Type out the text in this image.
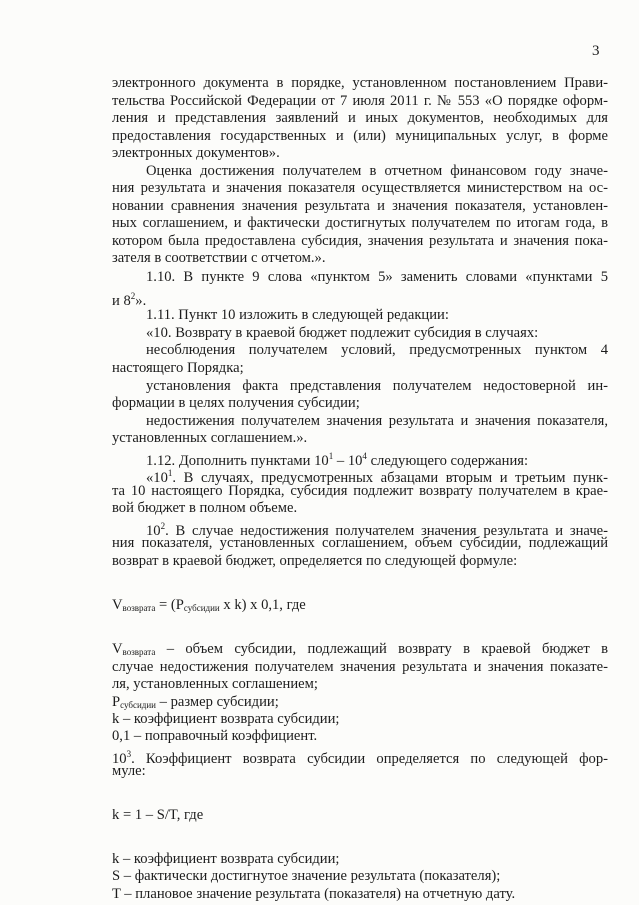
3
электронного документа в порядке, установленном постановлением Прави-
тельства Российской Федерации от 7 июля 2011 г. № 553 «О порядке оформ-
ления и представления заявлений и иных документов, необходимых для
предоставления государственных и (или) муниципальных услуг, в форме
электронных документов».
Оценка достижения получателем в отчетном финансовом году значе-
ния результата и значения показателя осуществляется министерством на ос-
новании сравнения значения результата и значения показателя, установлен-
ных соглашением, и фактически достигнутых получателем по итогам года, в
котором была предоставлена субсидия, значения результата и значения пока-
зателя в соответствии с отчетом.».
1.10. В пункте 9 слова «пунктом 5» заменить словами «пунктами 5
и $8^2$».
1.11. Пункт 10 изложить в следующей редакции:
«10. Возврату в краевой бюджет подлежит субсидия в случаях:
несоблюдения получателем условий, предусмотренных пунктом 4
настоящего Порядка;
установления факта представления получателем недостоверной ин-
формации в целях получения субсидии;
недостижения получателем значения результата и значения показателя,
установленных соглашением.».
1.12. Дополнить пунктами $10^1 - 10^4$ следующего содержания:
«$10^1$. В случаях, предусмотренных абзацами вторым и третьим пунк-
та 10 настоящего Порядка, субсидия подлежит возврату получателем в крае-
вой бюджет в полном объеме.
$10^2$. В случае недостижения получателем значения результата и значе-
ния показателя, установленных соглашением, объем субсидии, подлежащий
возврат в краевой бюджет, определяется по следующей формуле:
$V_{возврата} = (P_{субсидии}$ x k) x 0,1, где
$V_{возврата}$ – объем субсидии, подлежащий возврату в краевой бюджет в
случае недостижения получателем значения результата и значения показате-
ля, установленных соглашением;
$P_{субсидии}$ – размер субсидии;
k – коэффициент возврата субсидии;
0,1 – поправочный коэффициент.
$10^3$. Коэффициент возврата субсидии определяется по следующей фор-
муле:
k = 1 – S/T, где
k – коэффициент возврата субсидии;
S – фактически достигнутое значение результата (показателя);
T – плановое значение результата (показателя) на отчетную дату.
